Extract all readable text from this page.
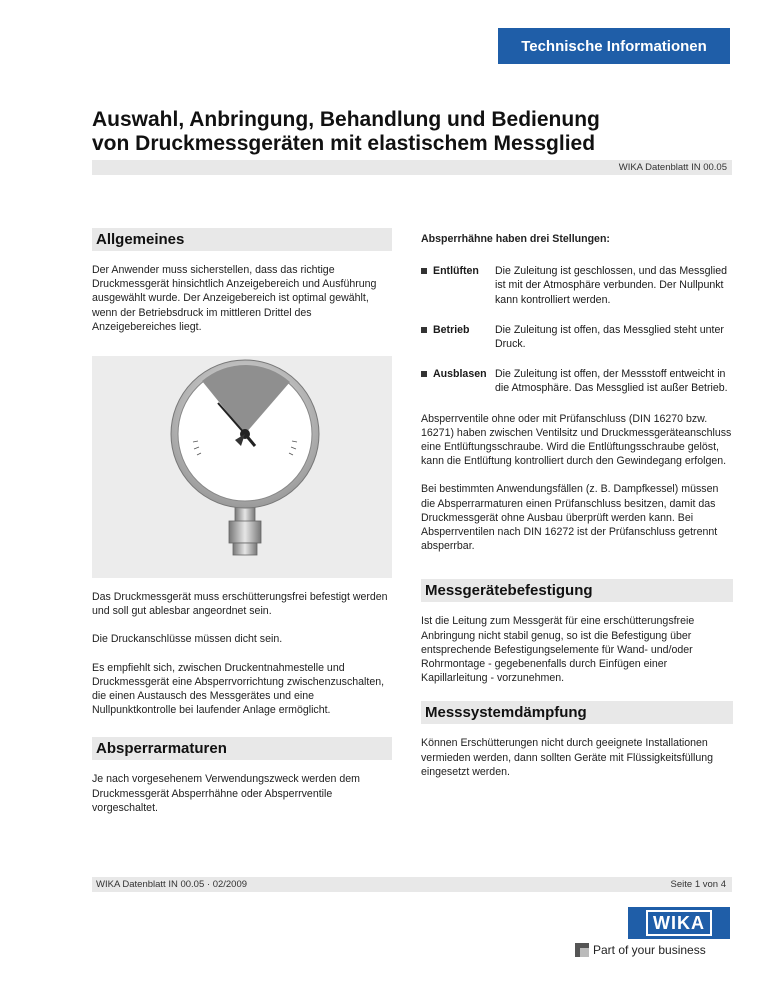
Technische Informationen
Auswahl, Anbringung, Behandlung und Bedienung
von Druckmessgeräten mit elastischem Messglied
WIKA Datenblatt IN 00.05
Allgemeines

Der Anwender muss sicherstellen, dass das richtige Druckmessgerät hinsichtlich Anzeigebereich und Ausführung ausgewählt wurde. Der Anzeigebereich ist optimal gewählt, wenn der Betriebsdruck im mittleren Drittel des Anzeigebereiches liegt.

Das Druckmessgerät muss erschütterungsfrei befestigt werden und soll gut ablesbar angeordnet sein.

Die Druckanschlüsse müssen dicht sein.

Es empfiehlt sich, zwischen Druckentnahmestelle und Druckmessgerät eine Absperrvorrichtung zwischenzuschalten, die einen Austausch des Messgerätes und eine Nullpunktkontrolle bei laufender Anlage ermöglicht.

Absperrarmaturen

Je nach vorgesehenem Verwendungszweck werden dem Druckmessgerät Absperrhähne oder Absperrventile vorgeschaltet.

Absperrhähne haben drei Stellungen:

Entlüften	Die Zuleitung ist geschlossen, und das Messglied ist mit der Atmosphäre verbunden. Der Nullpunkt kann kontrolliert werden.
Betrieb	Die Zuleitung ist offen, das Messglied steht unter Druck.
Ausblasen Die Zuleitung ist offen, der Messstoff entweicht in die Atmosphäre. Das Messglied ist außer Betrieb.

Absperrventile ohne oder mit Prüfanschluss (DIN 16270 bzw. 16271) haben zwischen Ventilsitz und Druckmessgeräteanschluss eine Entlüftungsschraube. Wird die Entlüftungsschraube gelöst, kann die Entlüftung kontrolliert durch den Gewindegang erfolgen.

Bei bestimmten Anwendungsfällen (z. B. Dampfkessel) müssen die Absperrarmaturen einen Prüfanschluss besitzen, damit das Druckmessgerät ohne Ausbau überprüft werden kann. Bei Absperrventilen nach DIN 16272 ist der Prüfanschluss getrennt absperrbar.

Messgerätebefestigung

Ist die Leitung zum Messgerät für eine erschütterungsfreie Anbringung nicht stabil genug, so ist die Befestigung über entsprechende Befestigungselemente für Wand- und/oder Rohrmontage - gegebenenfalls durch Einfügen einer Kapillarleitung - vorzunehmen.

Messsystemdämpfung

Können Erschütterungen nicht durch geeignete Installationen vermieden werden, dann sollten Geräte mit Flüssigkeitsfüllung eingesetzt werden.

WIKA Datenblatt IN 00.05 · 02/2009	Seite 1 von 4
WIKA
Part of your business
